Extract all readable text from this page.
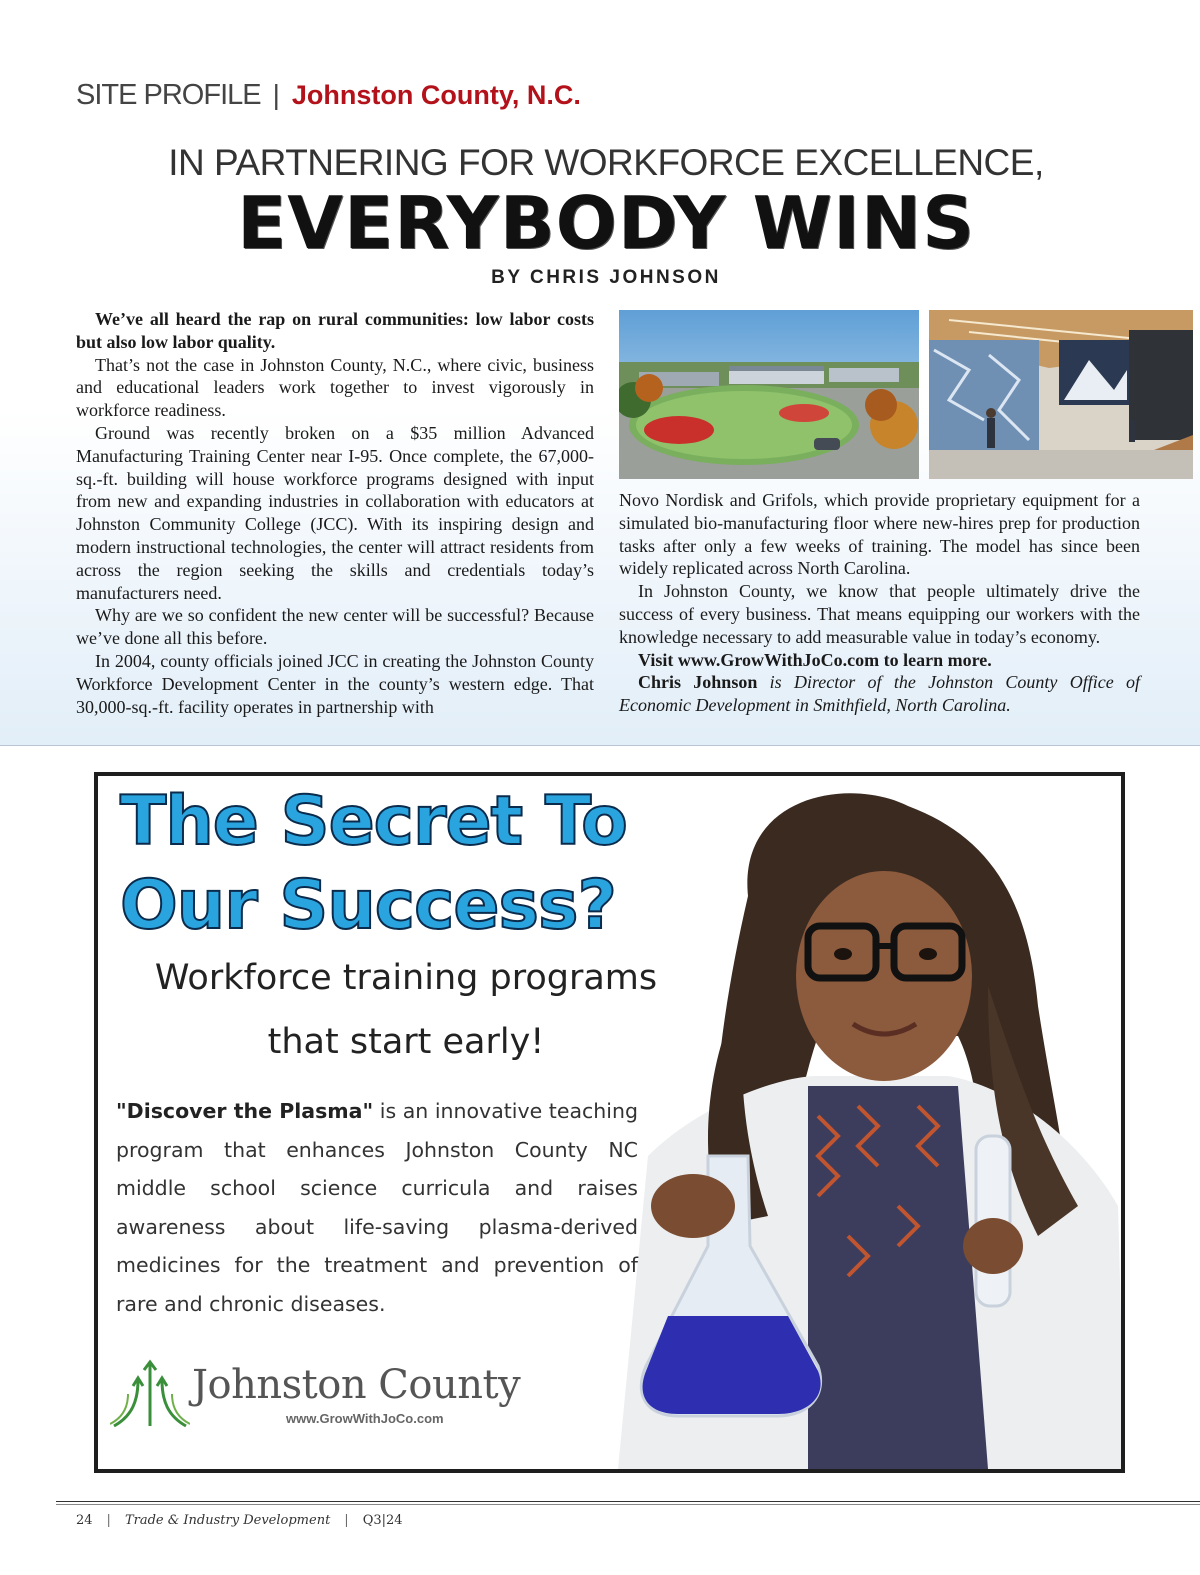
SITE PROFILE | Johnston County, N.C.
IN PARTNERING FOR WORKFORCE EXCELLENCE,
EVERYBODY WINS
BY CHRIS JOHNSON

We’ve all heard the rap on rural communities: low labor costs but also low labor quality.

That’s not the case in Johnston County, N.C., where civic, business and educational leaders work together to invest vigorously in workforce readiness.

Ground was recently broken on a $35 million Advanced Manufacturing Training Center near I-95. Once complete, the 67,000-sq.-ft. building will house workforce programs designed with input from new and expanding industries in collaboration with educators at Johnston Community College (JCC). With its inspiring design and modern instructional technologies, the center will attract residents from across the region seeking the skills and credentials today’s manufacturers need.

Why are we so confident the new center will be successful? Because we’ve done all this before.

In 2004, county officials joined JCC in creating the Johnston County Workforce Development Center in the county’s western edge. That 30,000-sq.-ft. facility operates in partnership with

Novo Nordisk and Grifols, which provide proprietary equipment for a simulated bio-manufacturing floor where new-hires prep for production tasks after only a few weeks of training. The model has since been widely replicated across North Carolina.

In Johnston County, we know that people ultimately drive the success of every business. That means equipping our workers with the knowledge necessary to add measurable value in today’s economy.

Visit www.GrowWithJoCo.com to learn more.

Chris Johnson is Director of the Johnston County Office of Economic Development in Smithfield, North Carolina.

The Secret To Our Success?
Workforce training programs
that start early!
"Discover the Plasma" is an innovative teaching program that enhances Johnston County NC middle school science curricula and raises awareness about life-saving plasma-derived medicines for the treatment and prevention of rare and chronic diseases.
Johnston County
www.GrowWithJoCo.com
24 | Trade & Industry Development | Q3|24
